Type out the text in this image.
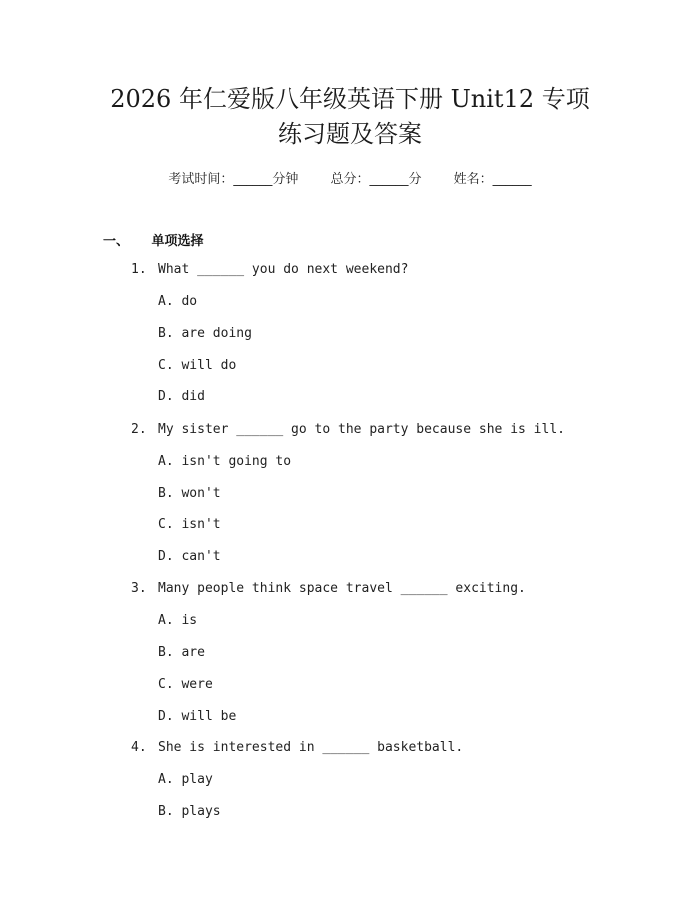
2026 年仁爱版八年级英语下册 Unit12 专项
练习题及答案
考试时间：______分钟 总分：______分 姓名：______
一、 单项选择
1. What ______ you do next weekend?
A. do
B. are doing
C. will do
D. did
2. My sister ______ go to the party because she is ill.
A. isn't going to
B. won't
C. isn't
D. can't
3. Many people think space travel ______ exciting.
A. is
B. are
C. were
D. will be
4. She is interested in ______ basketball.
A. play
B. plays
